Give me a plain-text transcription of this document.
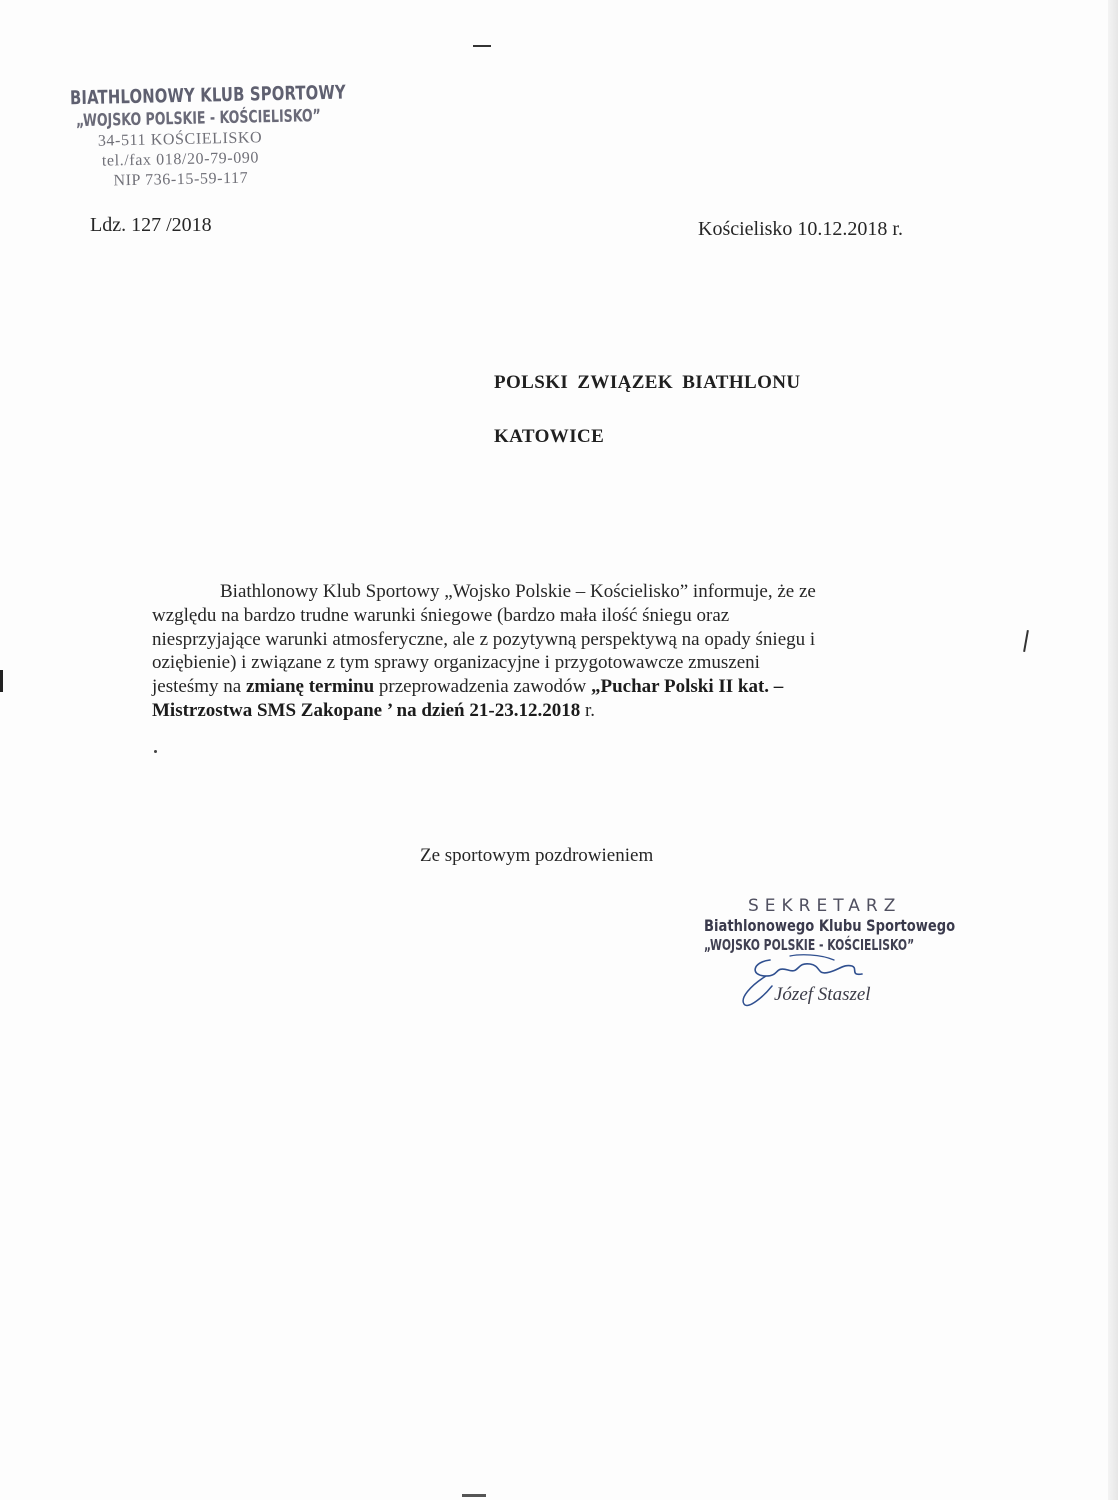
BIATHLONOWY KLUB SPORTOWY
„WOJSKO POLSKIE - KOŚCIELISKO”
34-511 KOŚCIELISKO
tel./fax 018/20-79-090
NIP 736-15-59-117
Ldz. 127 /2018	Kościelisko 10.12.2018 r.
POLSKI ZWIĄZEK BIATHLONU
KATOWICE
Biathlonowy Klub Sportowy „Wojsko Polskie – Kościelisko” informuje, że ze
względu na bardzo trudne warunki śniegowe (bardzo mała ilość śniegu oraz
niesprzyjające warunki atmosferyczne, ale z pozytywną perspektywą na opady śniegu i
oziębienie) i związane z tym sprawy organizacyjne i przygotowawcze zmuszeni
jesteśmy na zmianę terminu przeprowadzenia zawodów „Puchar Polski II kat. –
Mistrzostwa SMS Zakopane ’ na dzień 21-23.12.2018 r.
Ze sportowym pozdrowieniem
SEKRETARZ
Biathlonowego Klubu Sportowego
„WOJSKO POLSKIE - KOŚCIELISKO”
Józef Staszel
